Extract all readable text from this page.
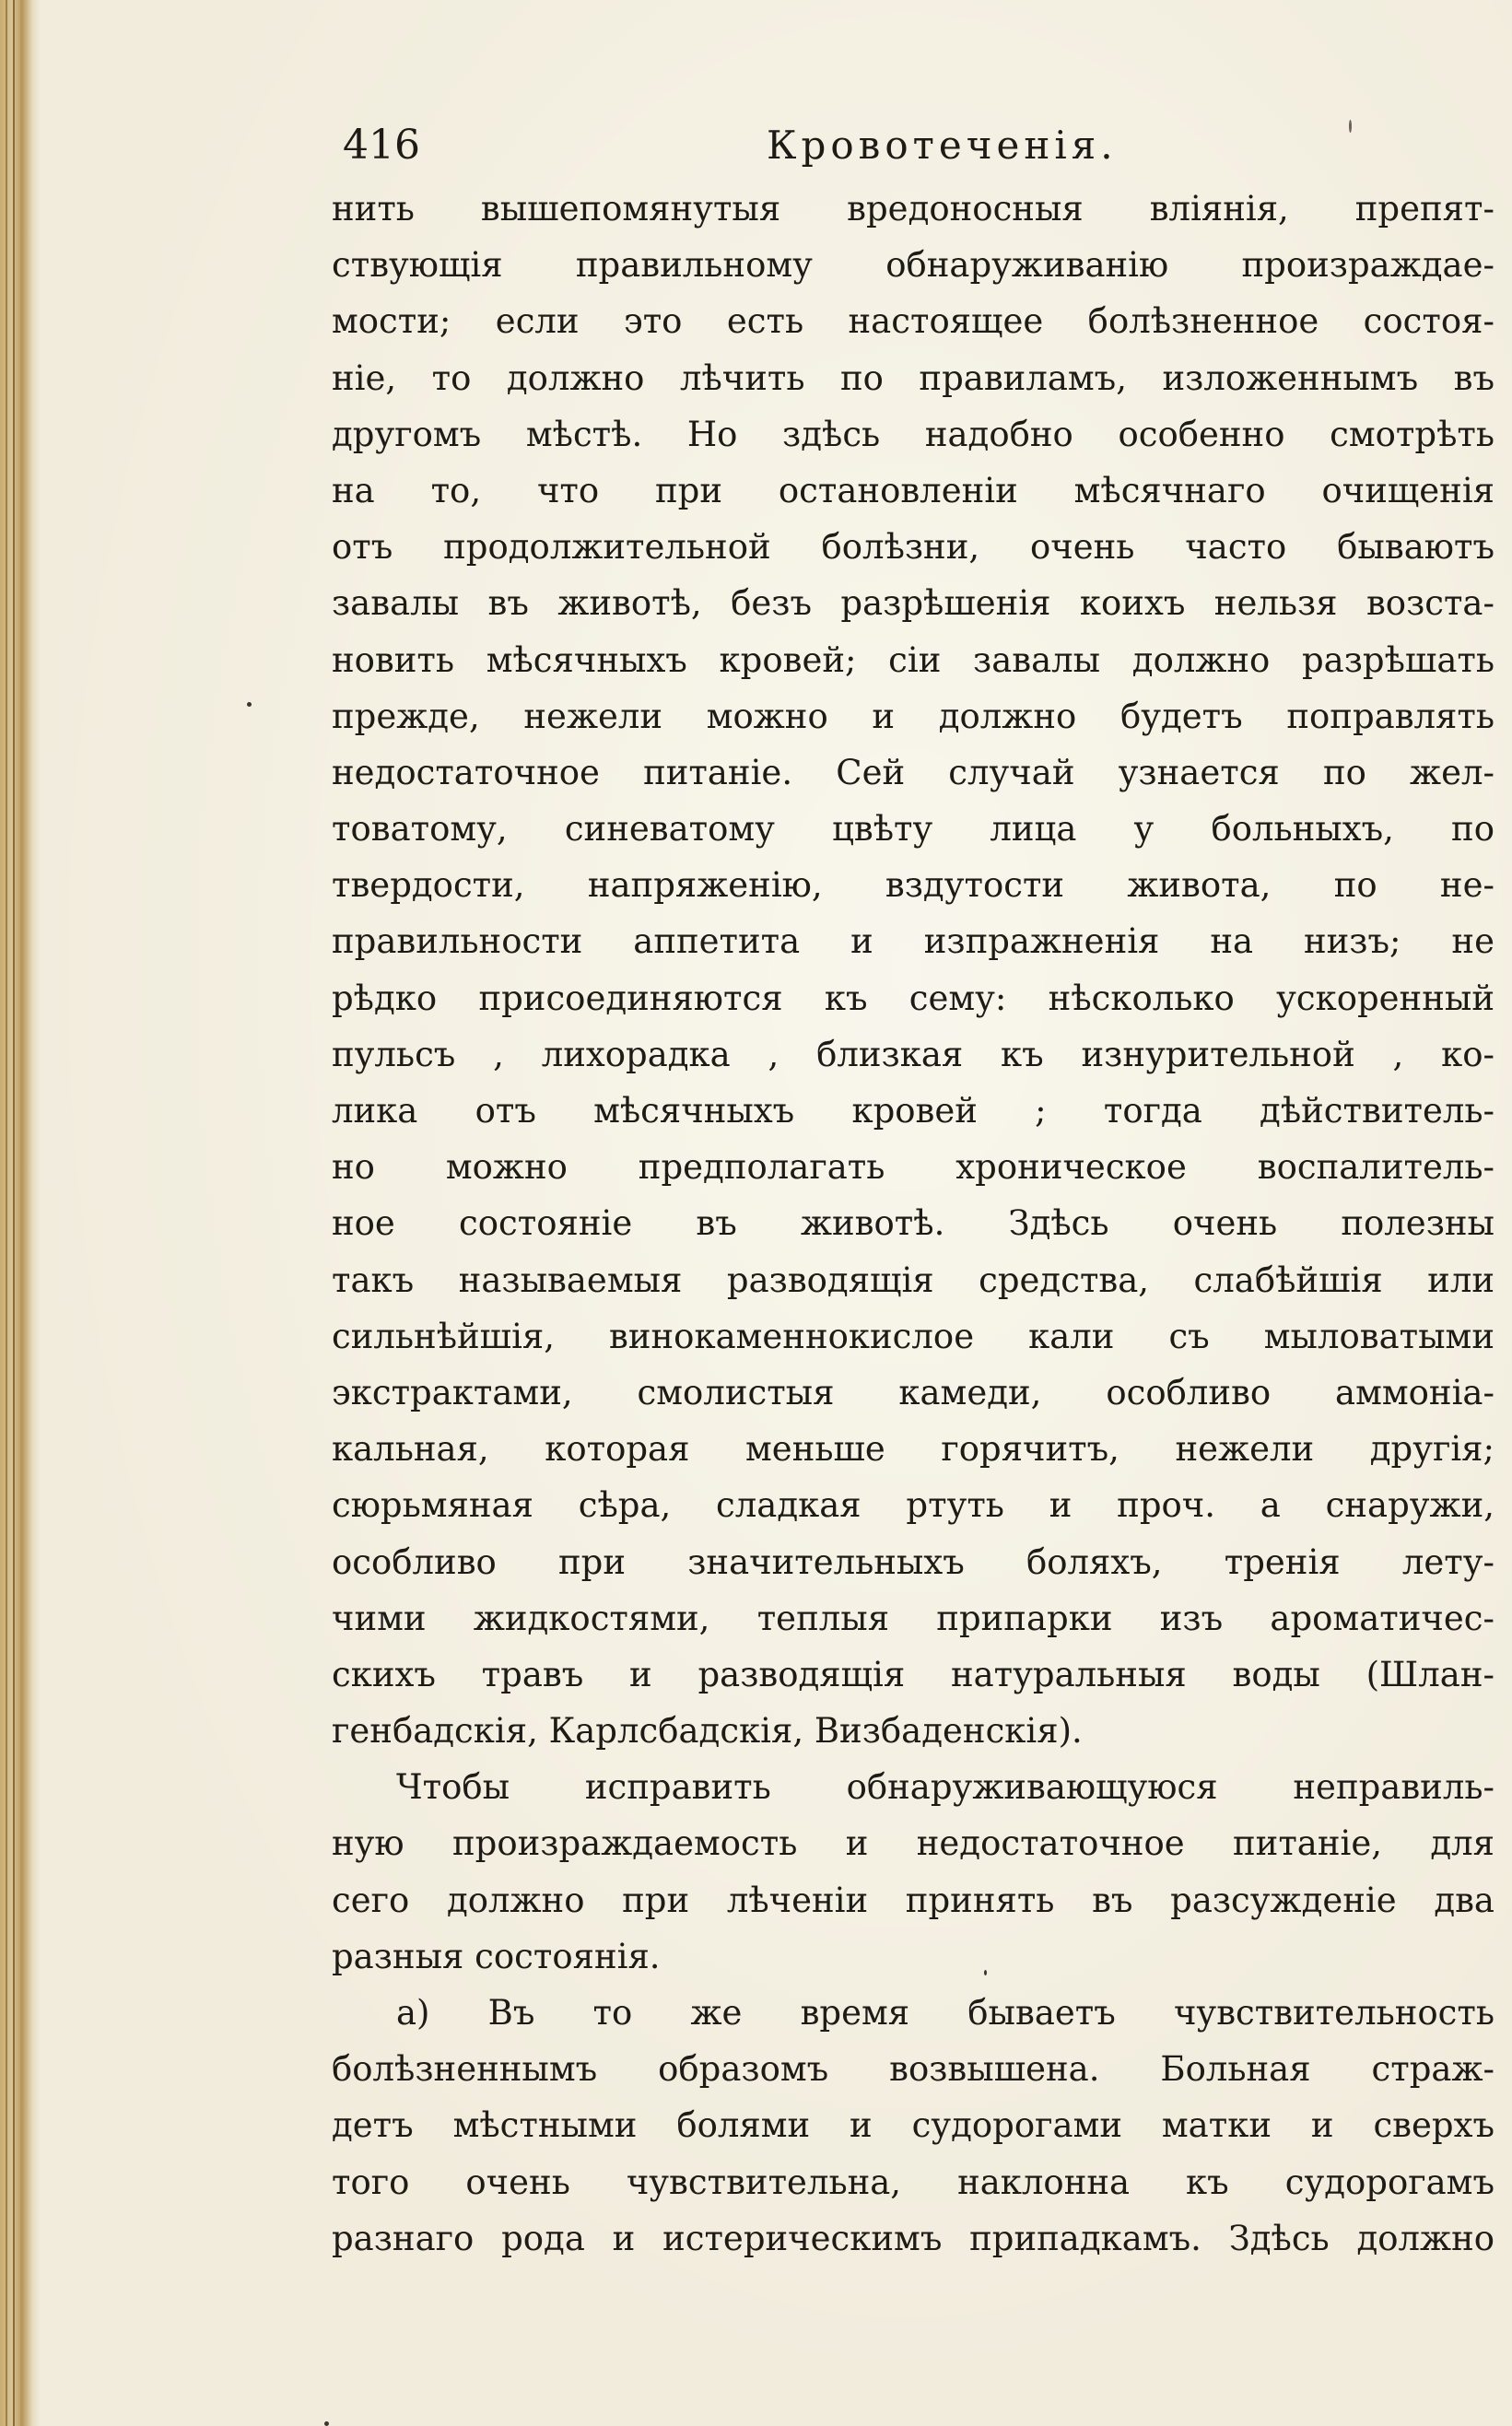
416	Кровотеченія.
нить вышепомянутыя вредоносныя вліянія, препят-
ствующія правильному обнаруживанію произраждае-
мости; если это есть настоящее болѣзненное состоя-
ніе, то должно лѣчить по правиламъ, изложеннымъ въ
другомъ мѣстѣ. Но здѣсь надобно особенно смотрѣть
на то, что при остановленіи мѣсячнаго очищенія
отъ продолжительной болѣзни, очень часто бываютъ
завалы въ животѣ, безъ разрѣшенія коихъ нельзя возста-
новить мѣсячныхъ кровей; сіи завалы должно разрѣшать
прежде, нежели можно и должно будетъ поправлять
недостаточное питаніе. Сей случай узнается по жел-
товатому, синеватому цвѣту лица у больныхъ, по
твердости, напряженію, вздутости живота, по не-
правильности аппетита и изпражненія на низъ; не
рѣдко присоединяются къ сему: нѣсколько ускоренный
пульсъ , лихорадка , близкая къ изнурительной , ко-
лика отъ мѣсячныхъ кровей ; тогда дѣйствитель-
но можно предполагать хроническое воспалитель-
ное состояніе въ животѣ. Здѣсь очень полезны
такъ называемыя разводящія средства, слабѣйшія или
сильнѣйшія, винокаменнокислое кали съ мыловатыми
экстрактами, смолистыя камеди, особливо аммоніа-
кальная, которая меньше горячитъ, нежели другія;
сюрьмяная сѣра, сладкая ртуть и проч. а снаружи,
особливо при значительныхъ боляхъ, тренія лету-
чими жидкостями, теплыя припарки изъ ароматичес-
скихъ травъ и разводящія натуральныя воды (Шлан-
генбадскія, Карлсбадскія, Визбаденскія).
Чтобы исправить обнаруживающуюся неправиль-
ную произраждаемость и недостаточное питаніе, для
сего должно при лѣченіи принять въ разсужденіе два
разныя состоянія.
а) Въ то же время бываетъ чувствительность
болѣзненнымъ образомъ возвышена. Больная страж-
детъ мѣстными болями и судорогами матки и сверхъ
того очень чувствительна, наклонна къ судорогамъ
разнаго рода и истерическимъ припадкамъ. Здѣсь должно
